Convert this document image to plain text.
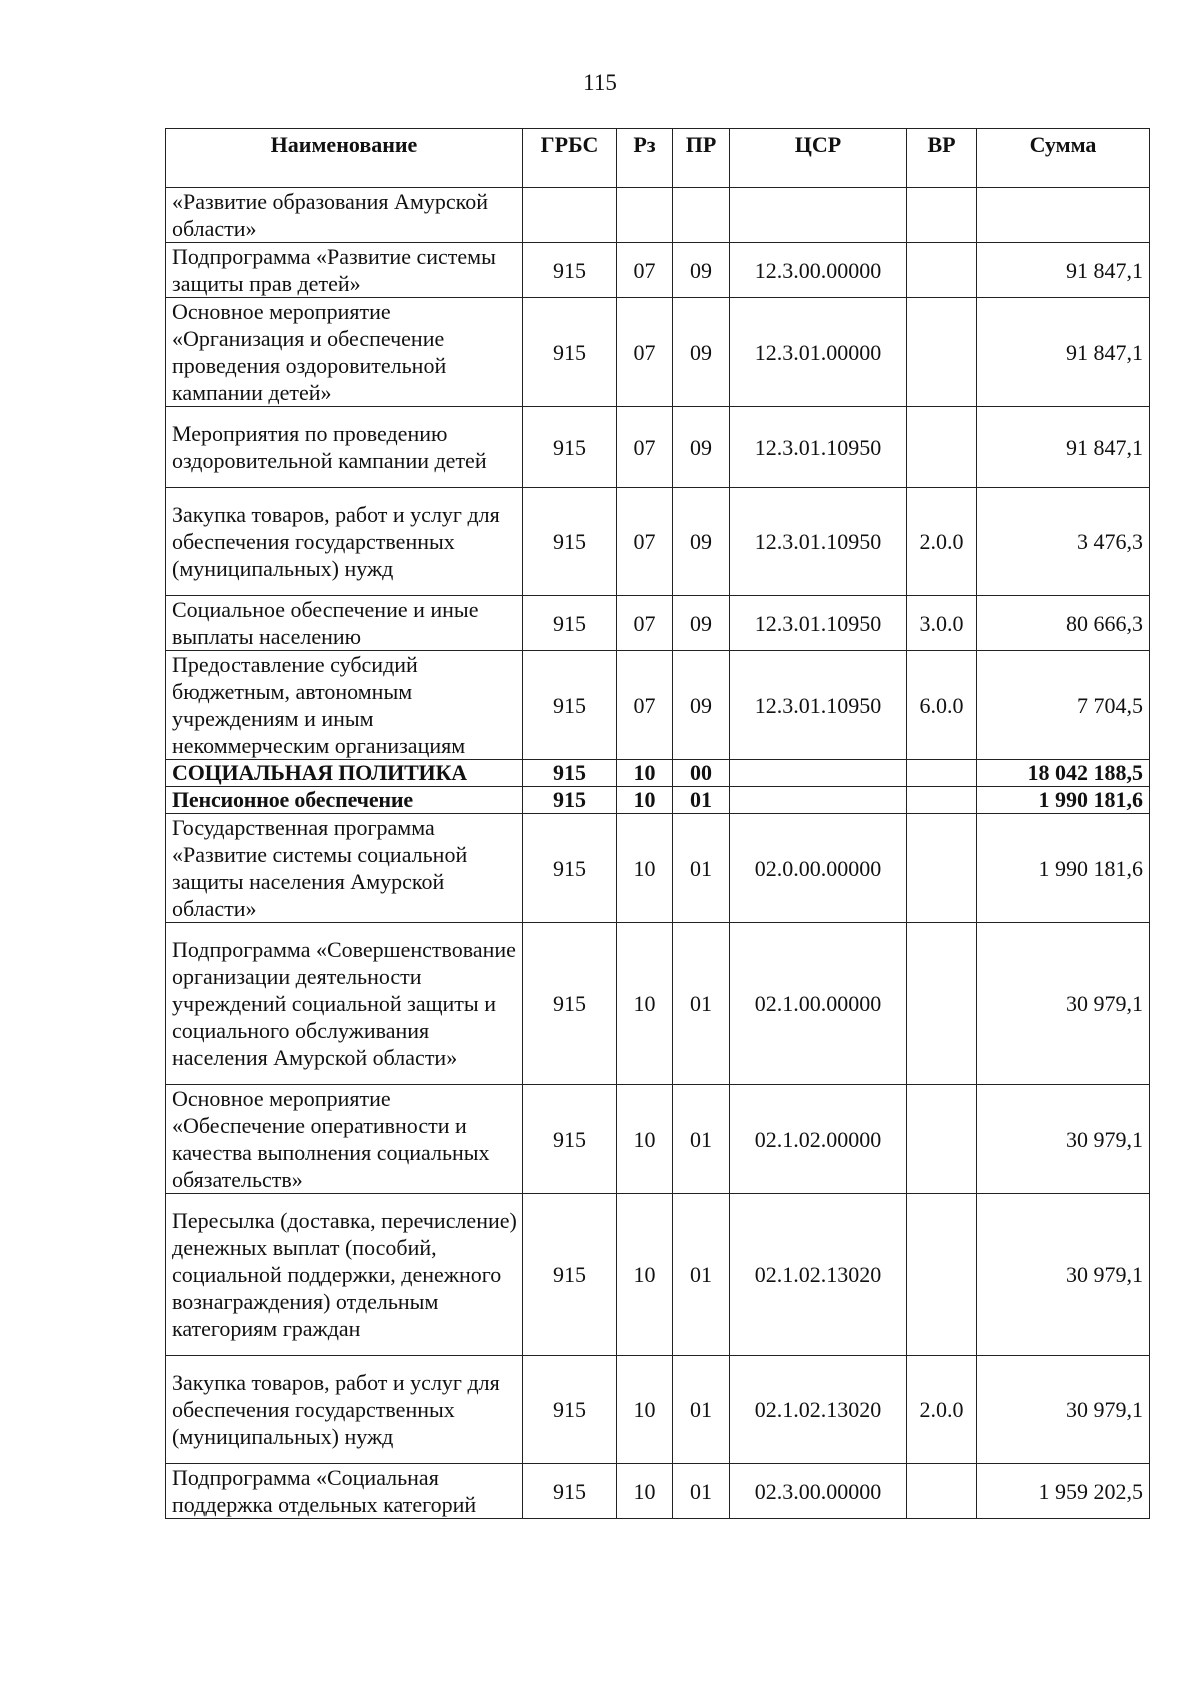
115
Наименование	ГРБС	Рз	ПР	ЦСР	ВР	Сумма
«Развитие образования Амурской области»						
Подпрограмма «Развитие системы защиты прав детей»	915	07	09	12.3.00.00000		91 847,1
Основное мероприятие «Организация и обеспечение проведения оздоровительной кампании детей»	915	07	09	12.3.01.00000		91 847,1
Мероприятия по проведению оздоровительной кампании детей	915	07	09	12.3.01.10950		91 847,1
Закупка товаров, работ и услуг для обеспечения государственных (муниципальных) нужд	915	07	09	12.3.01.10950	2.0.0	3 476,3
Социальное обеспечение и иные выплаты населению	915	07	09	12.3.01.10950	3.0.0	80 666,3
Предоставление субсидий бюджетным, автономным учреждениям и иным некоммерческим организациям	915	07	09	12.3.01.10950	6.0.0	7 704,5
СОЦИАЛЬНАЯ ПОЛИТИКА	915	10	00			18 042 188,5
Пенсионное обеспечение	915	10	01			1 990 181,6
Государственная программа «Развитие системы социальной защиты населения Амурской области»	915	10	01	02.0.00.00000		1 990 181,6
Подпрограмма «Совершенствование организации деятельности учреждений социальной защиты и социального обслуживания населения Амурской области»	915	10	01	02.1.00.00000		30 979,1
Основное мероприятие «Обеспечение оперативности и качества выполнения социальных обязательств»	915	10	01	02.1.02.00000		30 979,1
Пересылка (доставка, перечисление) денежных выплат (пособий, социальной поддержки, денежного вознаграждения) отдельным категориям граждан	915	10	01	02.1.02.13020		30 979,1
Закупка товаров, работ и услуг для обеспечения государственных (муниципальных) нужд	915	10	01	02.1.02.13020	2.0.0	30 979,1
Подпрограмма «Социальная поддержка отдельных категорий	915	10	01	02.3.00.00000		1 959 202,5
